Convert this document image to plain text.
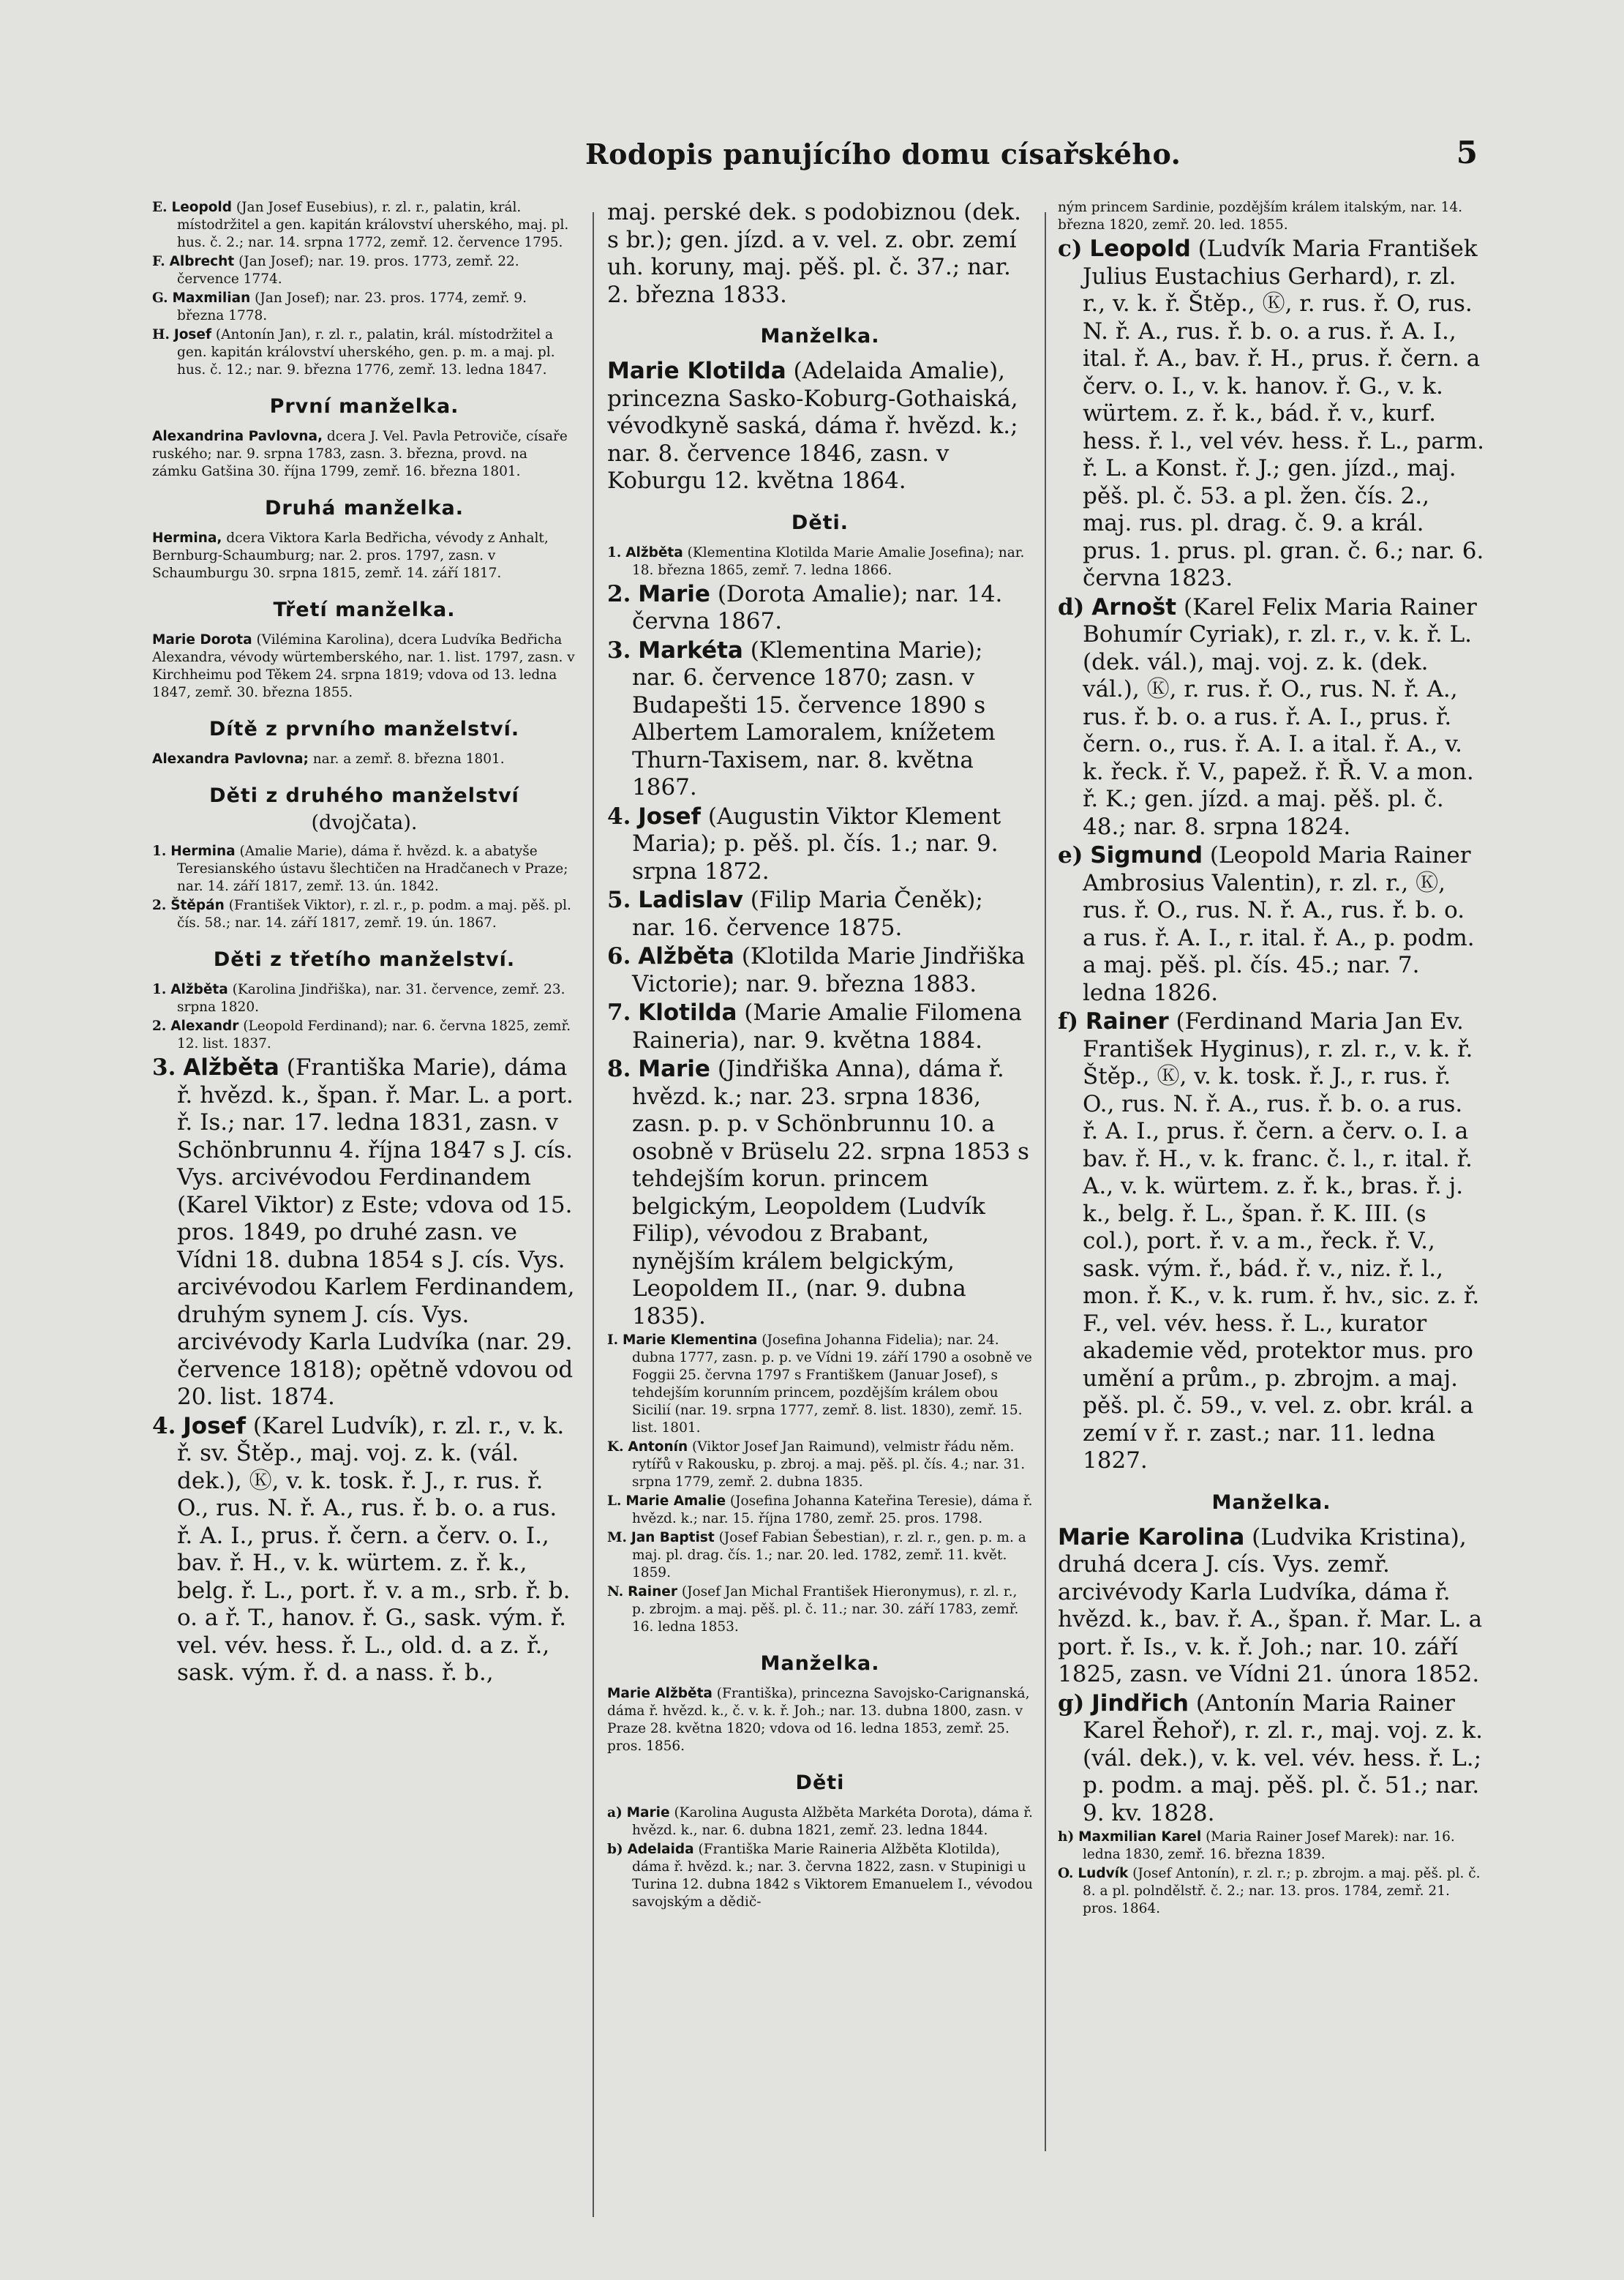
Rodopis panujícího domu císařského.	5

E. Leopold (Jan Josef Eusebius), r. zl. r., palatin, král. místodržitel a gen. kapitán království uherského, maj. pl. hus. č. 2.; nar. 14. srpna 1772, zemř. 12. července 1795.

F. Albrecht (Jan Josef); nar. 19. pros. 1773, zemř. 22. července 1774.

G. Maxmilian (Jan Josef); nar. 23. pros. 1774, zemř. 9. března 1778.

H. Josef (Antonín Jan), r. zl. r., palatin, král. místodržitel a gen. kapitán království uherského, gen. p. m. a maj. pl. hus. č. 12.; nar. 9. března 1776, zemř. 13. ledna 1847.

První manželka.

Alexandrina Pavlovna, dcera J. Vel. Pavla Petroviče, císaře ruského; nar. 9. srpna 1783, zasn. 3. března, provd. na zámku Gatšina 30. října 1799, zemř. 16. března 1801.

Druhá manželka.

Hermina, dcera Viktora Karla Bedřicha, vévody z Anhalt, Bernburg-Schaumburg; nar. 2. pros. 1797, zasn. v Schaumburgu 30. srpna 1815, zemř. 14. září 1817.

Třetí manželka.

Marie Dorota (Vilémina Karolina), dcera Ludvíka Bedřicha Alexandra, vévody würtemberského, nar. 1. list. 1797, zasn. v Kirchheimu pod Těkem 24. srpna 1819; vdova od 13. ledna 1847, zemř. 30. března 1855.

Dítě z prvního manželství.

Alexandra Pavlovna; nar. a zemř. 8. března 1801.

Děti z druhého manželství
(dvojčata).

1. Hermina (Amalie Marie), dáma ř. hvězd. k. a abatyše Teresianského ústavu šlechtičen na Hradčanech v Praze; nar. 14. září 1817, zemř. 13. ún. 1842.

2. Štěpán (František Viktor), r. zl. r., p. podm. a maj. pěš. pl. čís. 58.; nar. 14. září 1817, zemř. 19. ún. 1867.

Děti z třetího manželství.

1. Alžběta (Karolina Jindřiška), nar. 31. července, zemř. 23. srpna 1820.

2. Alexandr (Leopold Ferdinand); nar. 6. června 1825, zemř. 12. list. 1837.

3. Alžběta (Františka Marie), dáma ř. hvězd. k., špan. ř. Mar. L. a port. ř. Is.; nar. 17. ledna 1831, zasn. v Schönbrunnu 4. října 1847 s J. cís. Vys. arcivévodou Ferdinandem (Karel Viktor) z Este; vdova od 15. pros. 1849, po druhé zasn. ve Vídni 18. dubna 1854 s J. cís. Vys. arcivévodou Karlem Ferdinandem, druhým synem J. cís. Vys. arcivévody Karla Ludvíka (nar. 29. července 1818); opětně vdovou od 20. list. 1874.

4. Josef (Karel Ludvík), r. zl. r., v. k. ř. sv. Štěp., maj. voj. z. k. (vál. dek.), Ⓚ, v. k. tosk. ř. J., r. rus. ř. O., rus. N. ř. A., rus. ř. b. o. a rus. ř. A. I., prus. ř. čern. a červ. o. I., bav. ř. H., v. k. würtem. z. ř. k., belg. ř. L., port. ř. v. a m., srb. ř. b. o. a ř. T., hanov. ř. G., sask. vým. ř. vel. vév. hess. ř. L., old. d. a z. ř., sask. vým. ř. d. a nass. ř. b.,

maj. perské dek. s podobiznou (dek. s br.); gen. jízd. a v. vel. z. obr. zemí uh. koruny, maj. pěš. pl. č. 37.; nar. 2. března 1833.

Manželka.

Marie Klotilda (Adelaida Amalie), princezna Sasko-Koburg-Gothaiská, vévodkyně saská, dáma ř. hvězd. k.; nar. 8. července 1846, zasn. v Koburgu 12. května 1864.

Děti.

1. Alžběta (Klementina Klotilda Marie Amalie Josefina); nar. 18. března 1865, zemř. 7. ledna 1866.

2. Marie (Dorota Amalie); nar. 14. června 1867.

3. Markéta (Klementina Marie); nar. 6. července 1870; zasn. v Budapešti 15. července 1890 s Albertem Lamoralem, knížetem Thurn-Taxisem, nar. 8. května 1867.

4. Josef (Augustin Viktor Klement Maria); p. pěš. pl. čís. 1.; nar. 9. srpna 1872.

5. Ladislav (Filip Maria Čeněk); nar. 16. července 1875.

6. Alžběta (Klotilda Marie Jindřiška Victorie); nar. 9. března 1883.

7. Klotilda (Marie Amalie Filomena Raineria), nar. 9. května 1884.

8. Marie (Jindřiška Anna), dáma ř. hvězd. k.; nar. 23. srpna 1836, zasn. p. p. v Schönbrunnu 10. a osobně v Brüselu 22. srpna 1853 s tehdejším korun. princem belgickým, Leopoldem (Ludvík Filip), vévodou z Brabant, nynějším králem belgickým, Leopoldem II., (nar. 9. dubna 1835).

I. Marie Klementina (Josefina Johanna Fidelia); nar. 24. dubna 1777, zasn. p. p. ve Vídni 19. září 1790 a osobně ve Foggii 25. června 1797 s Františkem (Januar Josef), s tehdejším korunním princem, pozdějším králem obou Sicilií (nar. 19. srpna 1777, zemř. 8. list. 1830), zemř. 15. list. 1801.

K. Antonín (Viktor Josef Jan Raimund), velmistr řádu něm. rytířů v Rakousku, p. zbroj. a maj. pěš. pl. čís. 4.; nar. 31. srpna 1779, zemř. 2. dubna 1835.

L. Marie Amalie (Josefina Johanna Kateřina Teresie), dáma ř. hvězd. k.; nar. 15. října 1780, zemř. 25. pros. 1798.

M. Jan Baptist (Josef Fabian Šebestian), r. zl. r., gen. p. m. a maj. pl. drag. čís. 1.; nar. 20. led. 1782, zemř. 11. květ. 1859.

N. Rainer (Josef Jan Michal František Hieronymus), r. zl. r., p. zbrojm. a maj. pěš. pl. č. 11.; nar. 30. září 1783, zemř. 16. ledna 1853.

Manželka.

Marie Alžběta (Františka), princezna Savojsko-Carignanská, dáma ř. hvězd. k., č. v. k. ř. Joh.; nar. 13. dubna 1800, zasn. v Praze 28. května 1820; vdova od 16. ledna 1853, zemř. 25. pros. 1856.

Děti

a) Marie (Karolina Augusta Alžběta Markéta Dorota), dáma ř. hvězd. k., nar. 6. dubna 1821, zemř. 23. ledna 1844.

b) Adelaida (Františka Marie Raineria Alžběta Klotilda), dáma ř. hvězd. k.; nar. 3. června 1822, zasn. v Stupinigi u Turina 12. dubna 1842 s Viktorem Emanuelem I., vévodou savojským a dědič-

ným princem Sardinie, pozdějším králem italským, nar. 14. března 1820, zemř. 20. led. 1855.

c) Leopold (Ludvík Maria František Julius Eustachius Gerhard), r. zl. r., v. k. ř. Štěp., Ⓚ, r. rus. ř. O, rus. N. ř. A., rus. ř. b. o. a rus. ř. A. I., ital. ř. A., bav. ř. H., prus. ř. čern. a červ. o. I., v. k. hanov. ř. G., v. k. würtem. z. ř. k., bád. ř. v., kurf. hess. ř. l., vel vév. hess. ř. L., parm. ř. L. a Konst. ř. J.; gen. jízd., maj. pěš. pl. č. 53. a pl. žen. čís. 2., maj. rus. pl. drag. č. 9. a král. prus. 1. prus. pl. gran. č. 6.; nar. 6. června 1823.

d) Arnošt (Karel Felix Maria Rainer Bohumír Cyriak), r. zl. r., v. k. ř. L. (dek. vál.), maj. voj. z. k. (dek. vál.), Ⓚ, r. rus. ř. O., rus. N. ř. A., rus. ř. b. o. a rus. ř. A. I., prus. ř. čern. o., rus. ř. A. I. a ital. ř. A., v. k. řeck. ř. V., papež. ř. Ř. V. a mon. ř. K.; gen. jízd. a maj. pěš. pl. č. 48.; nar. 8. srpna 1824.

e) Sigmund (Leopold Maria Rainer Ambrosius Valentin), r. zl. r., Ⓚ, rus. ř. O., rus. N. ř. A., rus. ř. b. o. a rus. ř. A. I., r. ital. ř. A., p. podm. a maj. pěš. pl. čís. 45.; nar. 7. ledna 1826.

f) Rainer (Ferdinand Maria Jan Ev. František Hyginus), r. zl. r., v. k. ř. Štěp., Ⓚ, v. k. tosk. ř. J., r. rus. ř. O., rus. N. ř. A., rus. ř. b. o. a rus. ř. A. I., prus. ř. čern. a červ. o. I. a bav. ř. H., v. k. franc. č. l., r. ital. ř. A., v. k. würtem. z. ř. k., bras. ř. j. k., belg. ř. L., špan. ř. K. III. (s col.), port. ř. v. a m., řeck. ř. V., sask. vým. ř., bád. ř. v., niz. ř. l., mon. ř. K., v. k. rum. ř. hv., sic. z. ř. F., vel. vév. hess. ř. L., kurator akademie věd, protektor mus. pro umění a prům., p. zbrojm. a maj. pěš. pl. č. 59., v. vel. z. obr. král. a zemí v ř. r. zast.; nar. 11. ledna 1827.

Manželka.

Marie Karolina (Ludvika Kristina), druhá dcera J. cís. Vys. zemř. arcivévody Karla Ludvíka, dáma ř. hvězd. k., bav. ř. A., špan. ř. Mar. L. a port. ř. Is., v. k. ř. Joh.; nar. 10. září 1825, zasn. ve Vídni 21. února 1852.

g) Jindřich (Antonín Maria Rainer Karel Řehoř), r. zl. r., maj. voj. z. k. (vál. dek.), v. k. vel. vév. hess. ř. L.; p. podm. a maj. pěš. pl. č. 51.; nar. 9. kv. 1828.

h) Maxmilian Karel (Maria Rainer Josef Marek): nar. 16. ledna 1830, zemř. 16. března 1839.

O. Ludvík (Josef Antonín), r. zl. r.; p. zbrojm. a maj. pěš. pl. č. 8. a pl. polndělstř. č. 2.; nar. 13. pros. 1784, zemř. 21. pros. 1864.
